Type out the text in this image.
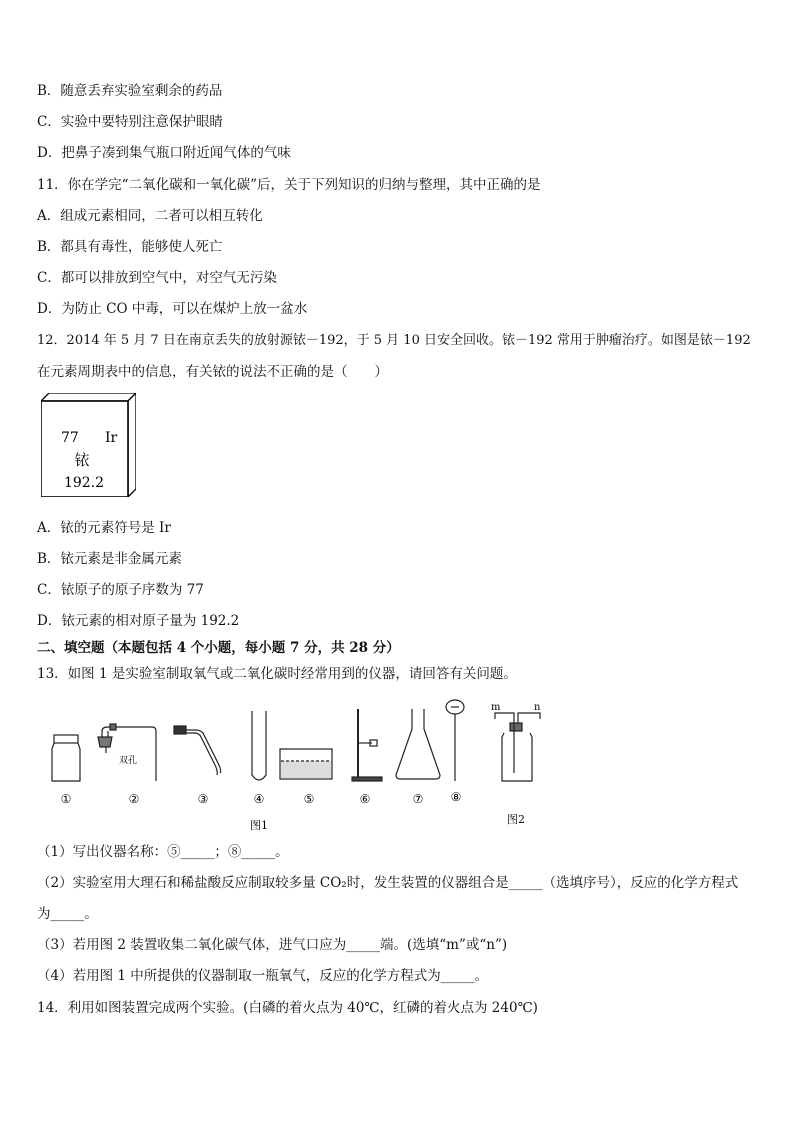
B．随意丢弃实验室剩余的药品
C．实验中要特别注意保护眼睛
D．把鼻子凑到集气瓶口附近闻气体的气味
11．你在学完“二氧化碳和一氧化碳”后，关于下列知识的归纳与整理，其中正确的是
A．组成元素相同，二者可以相互转化
B．都具有毒性，能够使人死亡
C．都可以排放到空气中，对空气无污染
D．为防止 CO 中毒，可以在煤炉上放一盆水
12．2014 年 5 月 7 日在南京丢失的放射源铱－192，于 5 月 10 日安全回收。铱－192 常用于肿瘤治疗。如图是铱－192
在元素周期表中的信息，有关铱的说法不正确的是（　　）
77 Ir
铱
192.2
A．铱的元素符号是 Ir
B．铱元素是非金属元素
C．铱原子的原子序数为 77
D．铱元素的相对原子量为 192.2
二、填空题（本题包括 4 个小题，每小题 7 分，共 28 分）
13．如图 1 是实验室制取氧气或二氧化碳时经常用到的仪器，请回答有关问题。
双孔
m	n
①	②	③	④	⑤	⑥	⑦ ⑧
图1	图2
（1）写出仪器名称：⑤_____；⑧_____。
（2）实验室用大理石和稀盐酸反应制取较多量 CO₂时，发生装置的仪器组合是_____（选填序号），反应的化学方程式
为_____。
（3）若用图 2 装置收集二氧化碳气体，进气口应为_____端。(选填“m”或“n”)
（4）若用图 1 中所提供的仪器制取一瓶氧气，反应的化学方程式为_____。
14．利用如图装置完成两个实验。(白磷的着火点为 40℃，红磷的着火点为 240℃)
